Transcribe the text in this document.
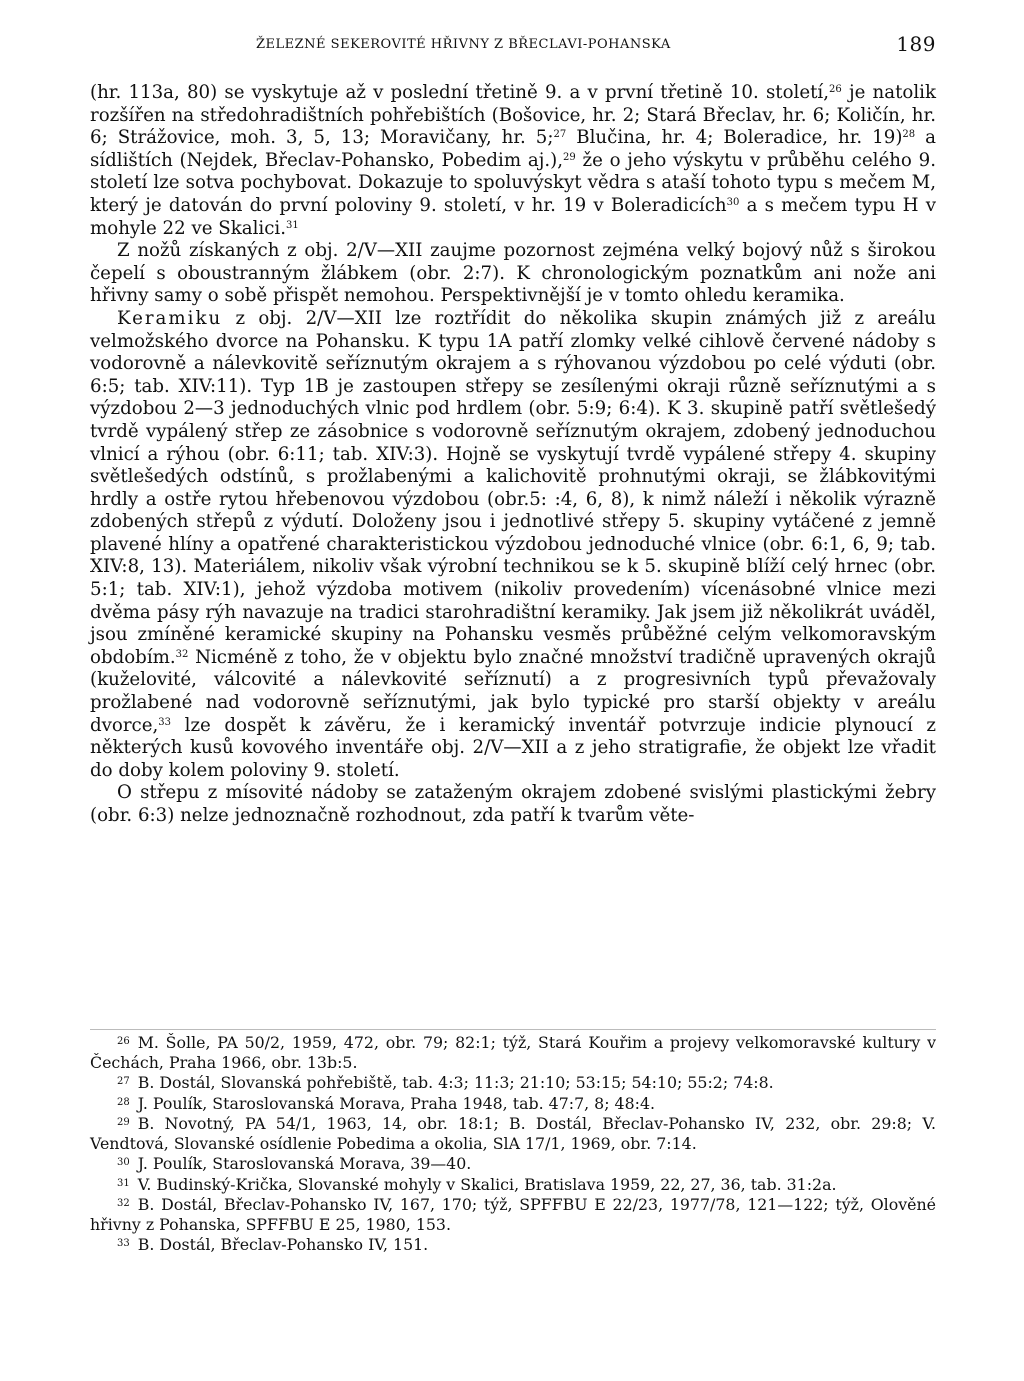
ŽELEZNÉ SEKEROVITÉ HŘIVNY Z BŘECLAVI-POHANSKA	189

(hr. 113a, 80) se vyskytuje až v poslední třetině 9. a v první třetině 10. století,$^{26}$ je natolik rozšířen na středohradištních pohřebištích (Bošovice, hr. 2; Stará Břeclav, hr. 6; Količín, hr. 6; Strážovice, moh. 3, 5, 13; Moravičany, hr. 5;$^{27}$ Blučina, hr. 4; Boleradice, hr. 19)$^{28}$ a sídlištích (Nejdek, Břeclav-Pohansko, Pobedim aj.),$^{29}$ že o jeho výskytu v průběhu celého 9. století lze sotva pochybovat. Dokazuje to spoluvýskyt vědra s ataší tohoto typu s mečem M, který je datován do první poloviny 9. století, v hr. 19 v Boleradicích$^{30}$ a s mečem typu H v mohyle 22 ve Skalici.$^{31}$

Z nožů získaných z obj. 2/V—XII zaujme pozornost zejména velký bojový nůž s širokou čepelí s oboustranným žlábkem (obr. 2:7). K chronologickým poznatkům ani nože ani hřivny samy o sobě přispět nemohou. Perspektivnější je v tomto ohledu keramika.

Keramiku z obj. 2/V—XII lze roztřídit do několika skupin známých již z areálu velmožského dvorce na Pohansku. K typu 1A patří zlomky velké cihlově červené nádoby s vodorovně a nálevkovitě seříznutým okrajem a s rýhovanou výzdobou po celé výduti (obr. 6:5; tab. XIV:11). Typ 1B je zastoupen střepy se zesílenými okraji různě seříznutými a s výzdobou 2—3 jednoduchých vlnic pod hrdlem (obr. 5:9; 6:4). K 3. skupině patří světlešedý tvrdě vypálený střep ze zásobnice s vodorovně seříznutým okrajem, zdobený jednoduchou vlnicí a rýhou (obr. 6:11; tab. XIV:3). Hojně se vyskytují tvrdě vypálené střepy 4. skupiny světlešedých odstínů, s prožlabenými a kalichovitě prohnutými okraji, se žlábkovitými hrdly a ostře rytou hřebenovou výzdobou (obr.5: :4, 6, 8), k nimž náleží i několik výrazně zdobených střepů z výdutí. Doloženy jsou i jednotlivé střepy 5. skupiny vytáčené z jemně plavené hlíny a opatřené charakteristickou výzdobou jednoduché vlnice (obr. 6:1, 6, 9; tab. XIV:8, 13). Materiálem, nikoliv však výrobní technikou se k 5. skupině blíží celý hrnec (obr. 5:1; tab. XIV:1), jehož výzdoba motivem (nikoliv provedením) vícenásobné vlnice mezi dvěma pásy rýh navazuje na tradici starohradištní keramiky. Jak jsem již několikrát uváděl, jsou zmíněné keramické skupiny na Pohansku vesměs průběžné celým velkomoravským obdobím.$^{32}$ Nicméně z toho, že v objektu bylo značné množství tradičně upravených okrajů (kuželovité, válcovité a nálevkovité seříznutí) a z progresivních typů převažovaly prožlabené nad vodorovně seříznutými, jak bylo typické pro starší objekty v areálu dvorce,$^{33}$ lze dospět k závěru, že i keramický inventář potvrzuje indicie plynoucí z některých kusů kovového inventáře obj. 2/V—XII a z jeho stratigrafie, že objekt lze vřadit do doby kolem poloviny 9. století.

O střepu z mísovité nádoby se zataženým okrajem zdobené svislými plastickými žebry (obr. 6:3) nelze jednoznačně rozhodnout, zda patří k tvarům věte-

$^{26}$ M. Šolle, PA 50/2, 1959, 472, obr. 79; 82:1; týž, Stará Kouřim a projevy velkomoravské kultury v Čechách, Praha 1966, obr. 13b:5.

$^{27}$ B. Dostál, Slovanská pohřebiště, tab. 4:3; 11:3; 21:10; 53:15; 54:10; 55:2; 74:8.

$^{28}$ J. Poulík, Staroslovanská Morava, Praha 1948, tab. 47:7, 8; 48:4.

$^{29}$ B. Novotný, PA 54/1, 1963, 14, obr. 18:1; B. Dostál, Břeclav-Pohansko IV, 232, obr. 29:8; V. Vendtová, Slovanské osídlenie Pobedima a okolia, SlA 17/1, 1969, obr. 7:14.

$^{30}$ J. Poulík, Staroslovanská Morava, 39—40.

$^{31}$ V. Budinský-Krička, Slovanské mohyly v Skalici, Bratislava 1959, 22, 27, 36, tab. 31:2a.

$^{32}$ B. Dostál, Břeclav-Pohansko IV, 167, 170; týž, SPFFBU E 22/23, 1977/78, 121—122; týž, Olověné hřivny z Pohanska, SPFFBU E 25, 1980, 153.

$^{33}$ B. Dostál, Břeclav-Pohansko IV, 151.
